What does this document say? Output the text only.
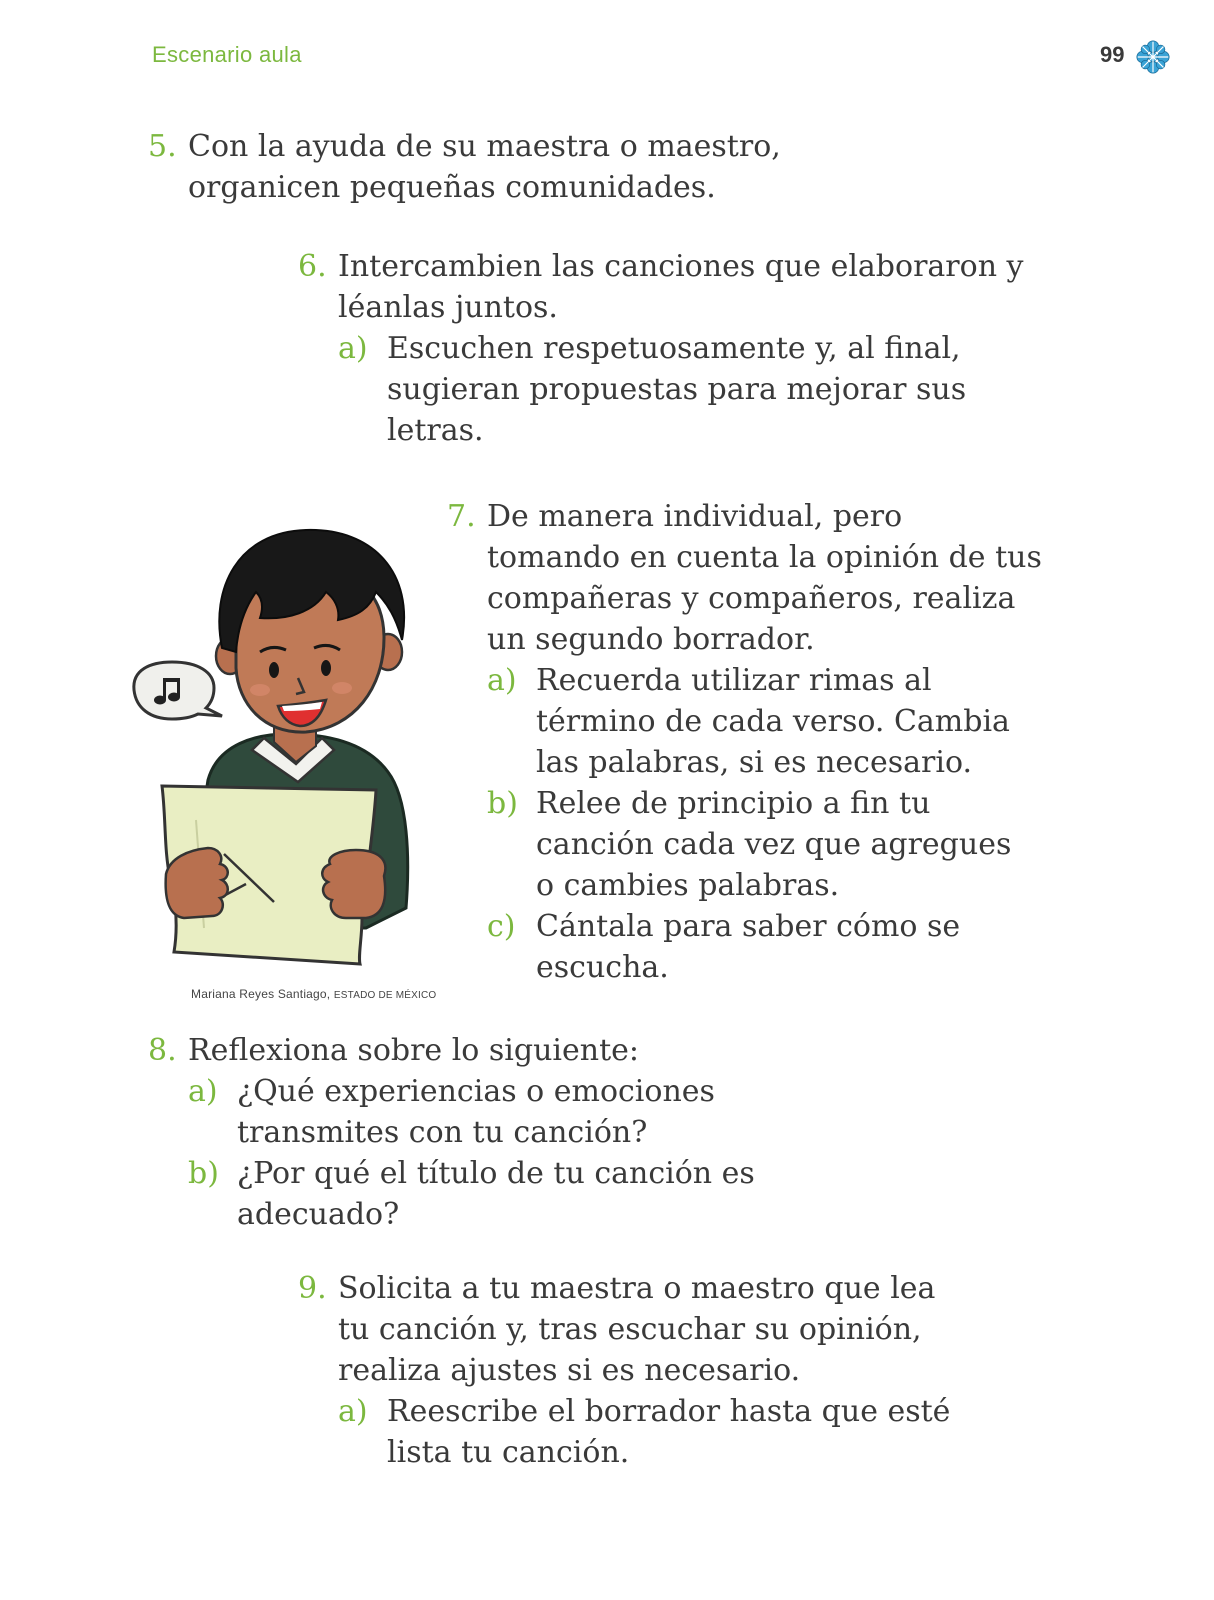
Escenario aula	99
5. Con la ayuda de su maestra o maestro,
organicen pequeñas comunidades.
6. Intercambien las canciones que elaboraron y
léanlas juntos.
a) Escuchen respetuosamente y, al final,
sugieran propuestas para mejorar sus
letras.
Mariana Reyes Santiago, ESTADO DE MÉXICO
7. De manera individual, pero
tomando en cuenta la opinión de tus
compañeras y compañeros, realiza
un segundo borrador.
a) Recuerda utilizar rimas al
término de cada verso. Cambia
las palabras, si es necesario.
b) Relee de principio a fin tu
canción cada vez que agregues
o cambies palabras.
c) Cántala para saber cómo se
escucha.
8. Reflexiona sobre lo siguiente:
a) ¿Qué experiencias o emociones
transmites con tu canción?
b) ¿Por qué el título de tu canción es
adecuado?
9. Solicita a tu maestra o maestro que lea
tu canción y, tras escuchar su opinión,
realiza ajustes si es necesario.
a) Reescribe el borrador hasta que esté
lista tu canción.
